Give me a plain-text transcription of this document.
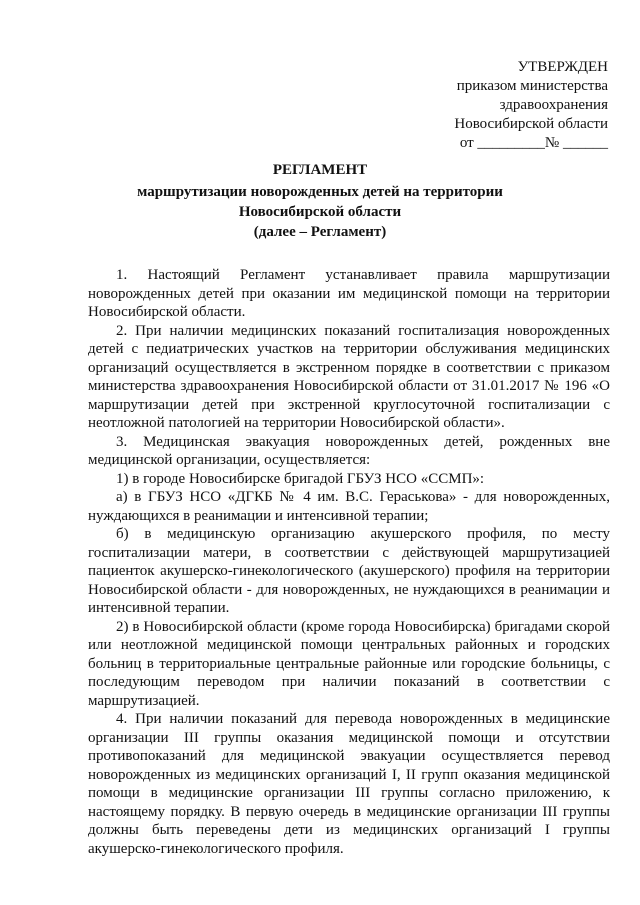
УТВЕРЖДЕН
приказом министерства
здравоохранения
Новосибирской области
от _________№ ______
РЕГЛАМЕНТ
маршрутизации новорожденных детей на территории
Новосибирской области
(далее – Регламент)

1. Настоящий Регламент устанавливает правила маршрутизации новорожденных детей при оказании им медицинской помощи на территории Новосибирской области.

2. При наличии медицинских показаний госпитализация новорожденных детей с педиатрических участков на территории обслуживания медицинских организаций осуществляется в экстренном порядке в соответствии с приказом министерства здравоохранения Новосибирской области от 31.01.2017 № 196 «О маршрутизации детей при экстренной круглосуточной госпитализации с неотложной патологией на территории Новосибирской области».

3. Медицинская эвакуация новорожденных детей, рожденных вне медицинской организации, осуществляется:

1) в городе Новосибирске бригадой ГБУЗ НСО «ССМП»:

а) в ГБУЗ НСО «ДГКБ № 4 им. В.С. Гераськова» - для новорожденных, нуждающихся в реанимации и интенсивной терапии;

б) в медицинскую организацию акушерского профиля, по месту госпитализации матери, в соответствии с действующей маршрутизацией пациенток акушерско-гинекологического (акушерского) профиля на территории Новосибирской области - для новорожденных, не нуждающихся в реанимации и интенсивной терапии.

2) в Новосибирской области (кроме города Новосибирска) бригадами скорой или неотложной медицинской помощи центральных районных и городских больниц в территориальные центральные районные или городские больницы, с последующим переводом при наличии показаний в соответствии с маршрутизацией.

4. При наличии показаний для перевода новорожденных в медицинские организации III группы оказания медицинской помощи и отсутствии противопоказаний для медицинской эвакуации осуществляется перевод новорожденных из медицинских организаций I, II групп оказания медицинской помощи в медицинские организации III группы согласно приложению, к настоящему порядку. В первую очередь в медицинские организации III группы должны быть переведены дети из медицинских организаций I группы акушерско-гинекологического профиля.
